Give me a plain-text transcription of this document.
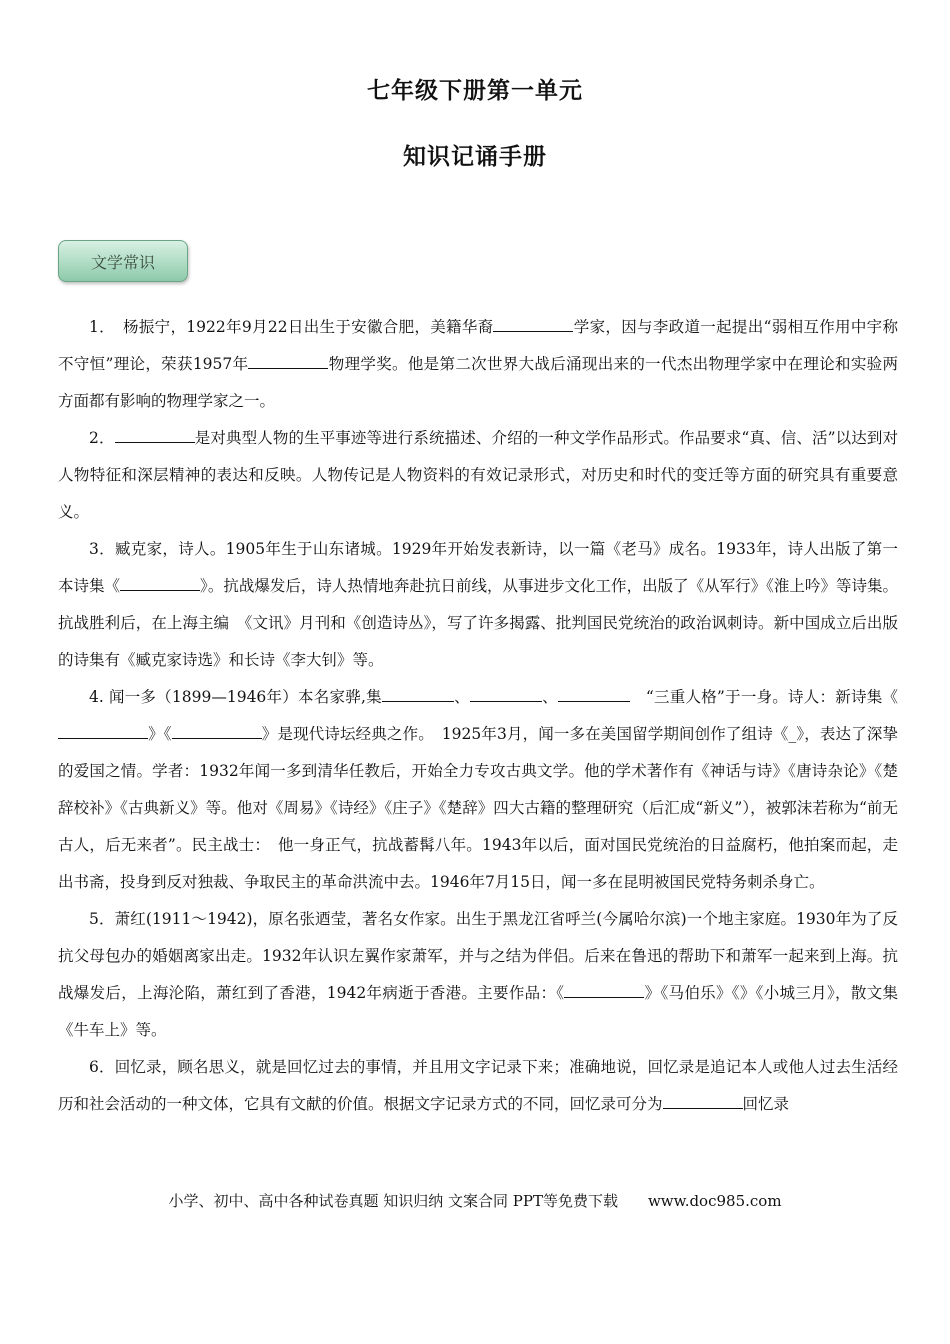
七年级下册第一单元
知识记诵手册
文学常识

1．　杨振宁，1922年9月22日出生于安徽合肥，美籍华裔	学家，因与李政道一起提出“弱相互作用中宇称不守恒”理论，荣获1957年	物理学奖。他是第二次世界大战后涌现出来的一代杰出物理学家中在理论和实验两方面都有影响的物理学家之一。

2．	是对典型人物的生平事迹等进行系统描述、介绍的一种文学作品形式。作品要求“真、信、活”以达到对人物特征和深层精神的表达和反映。人物传记是人物资料的有效记录形式，对历史和时代的变迁等方面的研究具有重要意义。

3．臧克家，诗人。1905年生于山东诸城。1929年开始发表新诗，以一篇《老马》成名。1933年，诗人出版了第一本诗集《	》。抗战爆发后，诗人热情地奔赴抗日前线，从事进步文化工作，出版了《从军行》《淮上吟》等诗集。抗战胜利后，在上海主编　《文讯》月刊和《创造诗丛》，写了许多揭露、批判国民党统治的政治讽刺诗。新中国成立后出版的诗集有《臧克家诗选》和长诗《李大钊》等。

4. 闻一多（1899—1946年）本名家骅,集	、	、	　“三重人格”于一身。诗人：新诗集《》《	》是现代诗坛经典之作。　1925年3月，闻一多在美国留学期间创作了组诗《_》，表达了深挚的爱国之情。学者：1932年闻一多到清华任教后，开始全力专攻古典文学。他的学术著作有《神话与诗》《唐诗杂论》《楚辞校补》《古典新义》等。他对《周易》《诗经》《庄子》《楚辞》四大古籍的整理研究（后汇成“新义”），被郭沫若称为“前无古人，后无来者”。民主战士：　他一身正气，抗战蓄髯八年。1943年以后，面对国民党统治的日益腐朽，他拍案而起，走出书斋，投身到反对独裁、争取民主的革命洪流中去。1946年7月15日，闻一多在昆明被国民党特务刺杀身亡。

5．萧红(1911～1942)，原名张迺莹，著名女作家。出生于黑龙江省呼兰(今属哈尔滨)一个地主家庭。1930年为了反抗父母包办的婚姻离家出走。1932年认识左翼作家萧军，并与之结为伴侣。后来在鲁迅的帮助下和萧军一起来到上海。抗战爆发后，上海沦陷，萧红到了香港，1942年病逝于香港。主要作品：《	》《马伯乐》《》《小城三月》，散文集《牛车上》等。

6．回忆录，顾名思义，就是回忆过去的事情，并且用文字记录下来；准确地说，回忆录是追记本人或他人过去生活经历和社会活动的一种文体，它具有文献的价值。根据文字记录方式的不同，回忆录可分为	回忆录

小学、初中、高中各种试卷真题 知识归纳 文案合同 PPT等免费下载　　www.doc985.com
